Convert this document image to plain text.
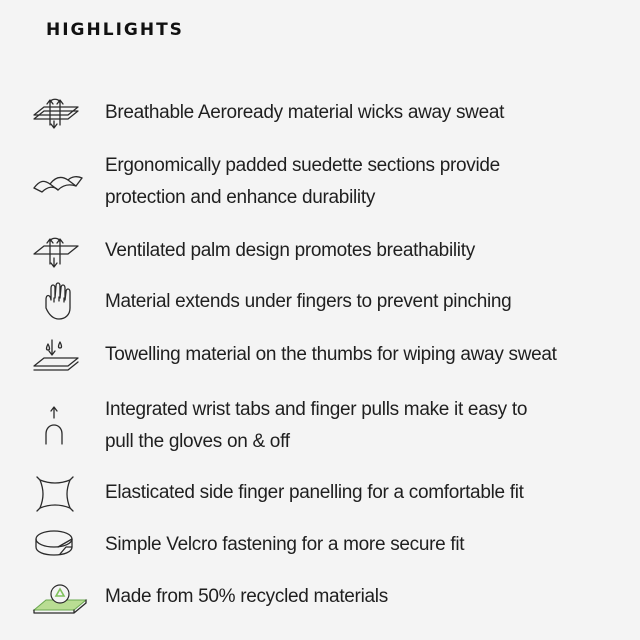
HIGHLIGHTS
Breathable Aeroready material wicks away sweat
Ergonomically padded suedette sections provide
protection and enhance durability
Ventilated palm design promotes breathability
Material extends under fingers to prevent pinching
Towelling material on the thumbs for wiping away sweat
Integrated wrist tabs and finger pulls make it easy to
pull the gloves on & off
Elasticated side finger panelling for a comfortable fit
Simple Velcro fastening for a more secure fit
Made from 50% recycled materials
